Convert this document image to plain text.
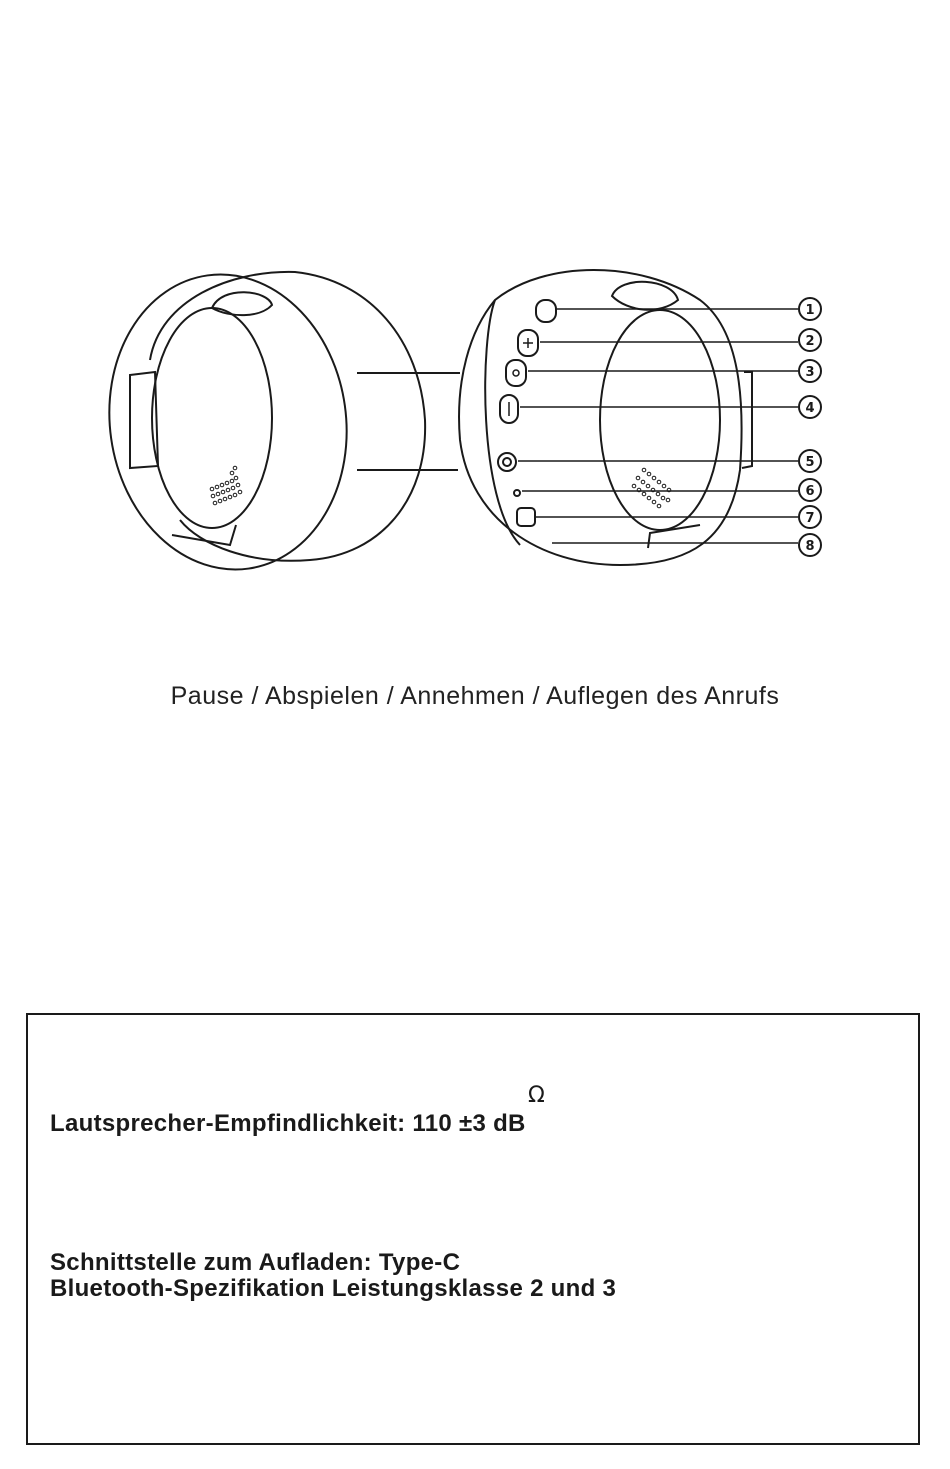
1
2
3
4
5
6
7
8
Pause / Abspielen / Annehmen / Auflegen des Anrufs
Ω
Lautsprecher-Empfindlichkeit: 110 ±3 dB
Schnittstelle zum Aufladen: Type-C
Bluetooth-Spezifikation Leistungsklasse 2 und 3
